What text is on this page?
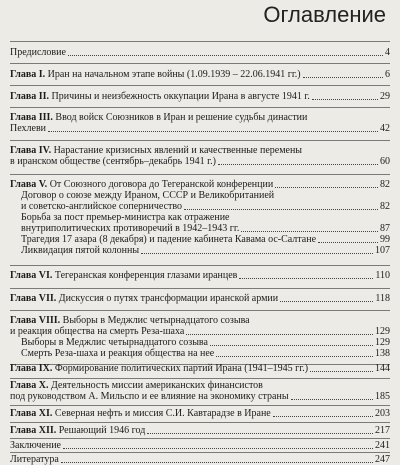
Оглавление
Предисловие	4
Глава I. Иран на начальном этапе войны (1.09.1939 – 22.06.1941 гг.)	6
Глава II. Причины и неизбежность оккупации Ирана в августе 1941 г.	29
Глава III. Ввод войск Союзников в Иран и решение судьбы династии
Пехлеви	42
Глава IV. Нарастание кризисных явлений и качественные перемены
в иранском обществе (сентябрь–декабрь 1941 г.)	60
Глава V. От Союзного договора до Тегеранской конференции	82
Договор о союзе между Ираном, СССР и Великобританией
и советско-английское соперничество	82
Борьба за пост премьер-министра как отражение
внутриполитических противоречий в 1942–1943 гг.	87
Трагедия 17 азара (8 декабря) и падение кабинета Кавама ос-Салтане	99
Ликвидация пятой колонны	107
Глава VI. Тегеранская конференция глазами иранцев	110
Глава VII. Дискуссия о путях трансформации иранской армии	118
Глава VIII. Выборы в Меджлис четырнадцатого созыва
и реакция общества на смерть Реза-шаха	129
Выборы в Меджлис четырнадцатого созыва	129
Смерть Реза-шаха и реакция общества на нее	138
Глава IX. Формирование политических партий Ирана (1941–1945 гг.)	144
Глава X. Деятельность миссии американских финансистов
под руководством А. Мильспо и ее влияние на экономику страны	185
Глава XI. Северная нефть и миссия С.И. Кавтарадзе в Иране	203
Глава XII. Решающий 1946 год	217
Заключение	241
Литература	247
